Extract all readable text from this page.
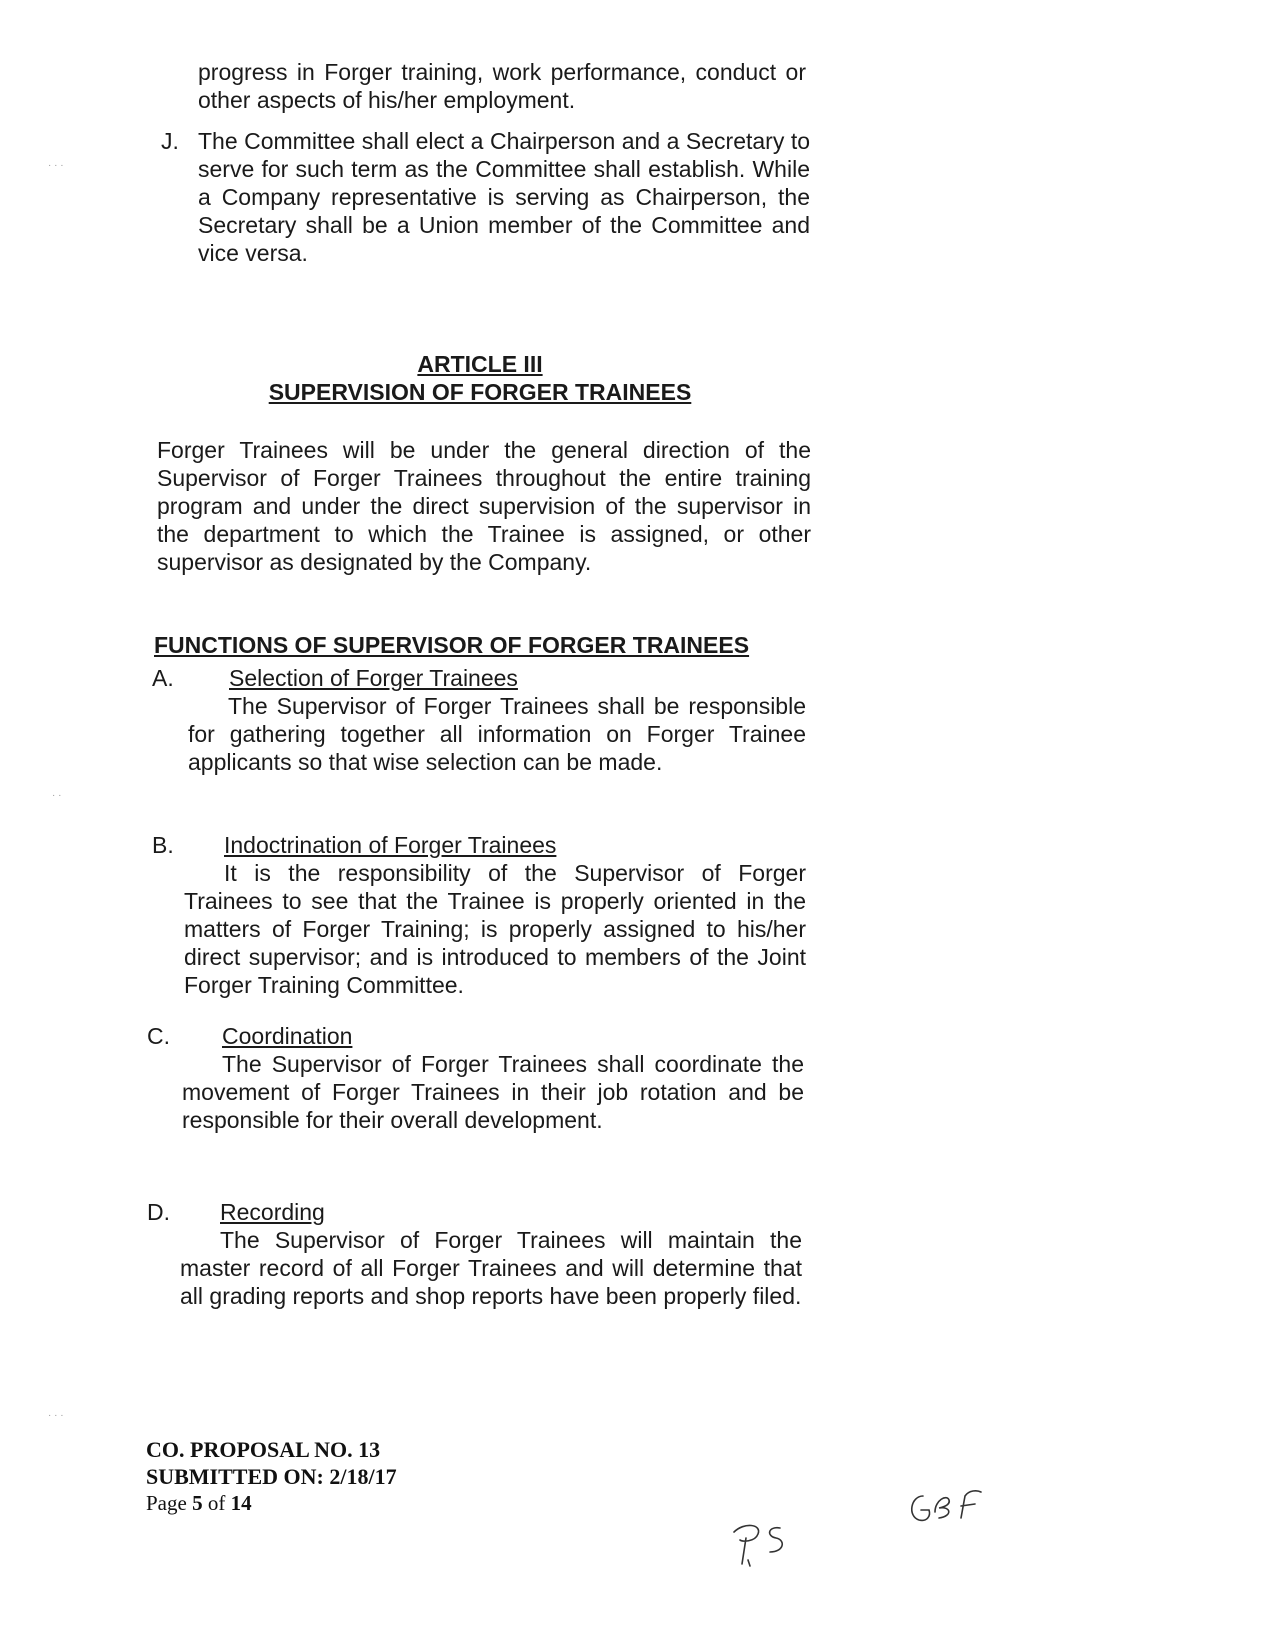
progress in Forger training, work performance, conduct or other aspects of his/her employment.
J. The Committee shall elect a Chairperson and a Secretary to serve for such term as the Committee shall establish. While a Company representative is serving as Chairperson, the Secretary shall be a Union member of the Committee and vice versa.
ARTICLE III
SUPERVISION OF FORGER TRAINEES
Forger Trainees will be under the general direction of the Supervisor of Forger Trainees throughout the entire training program and under the direct supervision of the supervisor in the department to which the Trainee is assigned, or other supervisor as designated by the Company.
FUNCTIONS OF SUPERVISOR OF FORGER TRAINEES
A. Selection of Forger Trainees
The Supervisor of Forger Trainees shall be responsible for gathering together all information on Forger Trainee applicants so that wise selection can be made.
B. Indoctrination of Forger Trainees
It is the responsibility of the Supervisor of Forger Trainees to see that the Trainee is properly oriented in the matters of Forger Training; is properly assigned to his/her direct supervisor; and is introduced to members of the Joint Forger Training Committee.
C. Coordination
The Supervisor of Forger Trainees shall coordinate the movement of Forger Trainees in their job rotation and be responsible for their overall development.
D. Recording
The Supervisor of Forger Trainees will maintain the master record of all Forger Trainees and will determine that all grading reports and shop reports have been properly filed.
· · ·
· ·
· · ·
CO. PROPOSAL NO. 13
SUBMITTED ON: 2/18/17
Page 5 of 14
